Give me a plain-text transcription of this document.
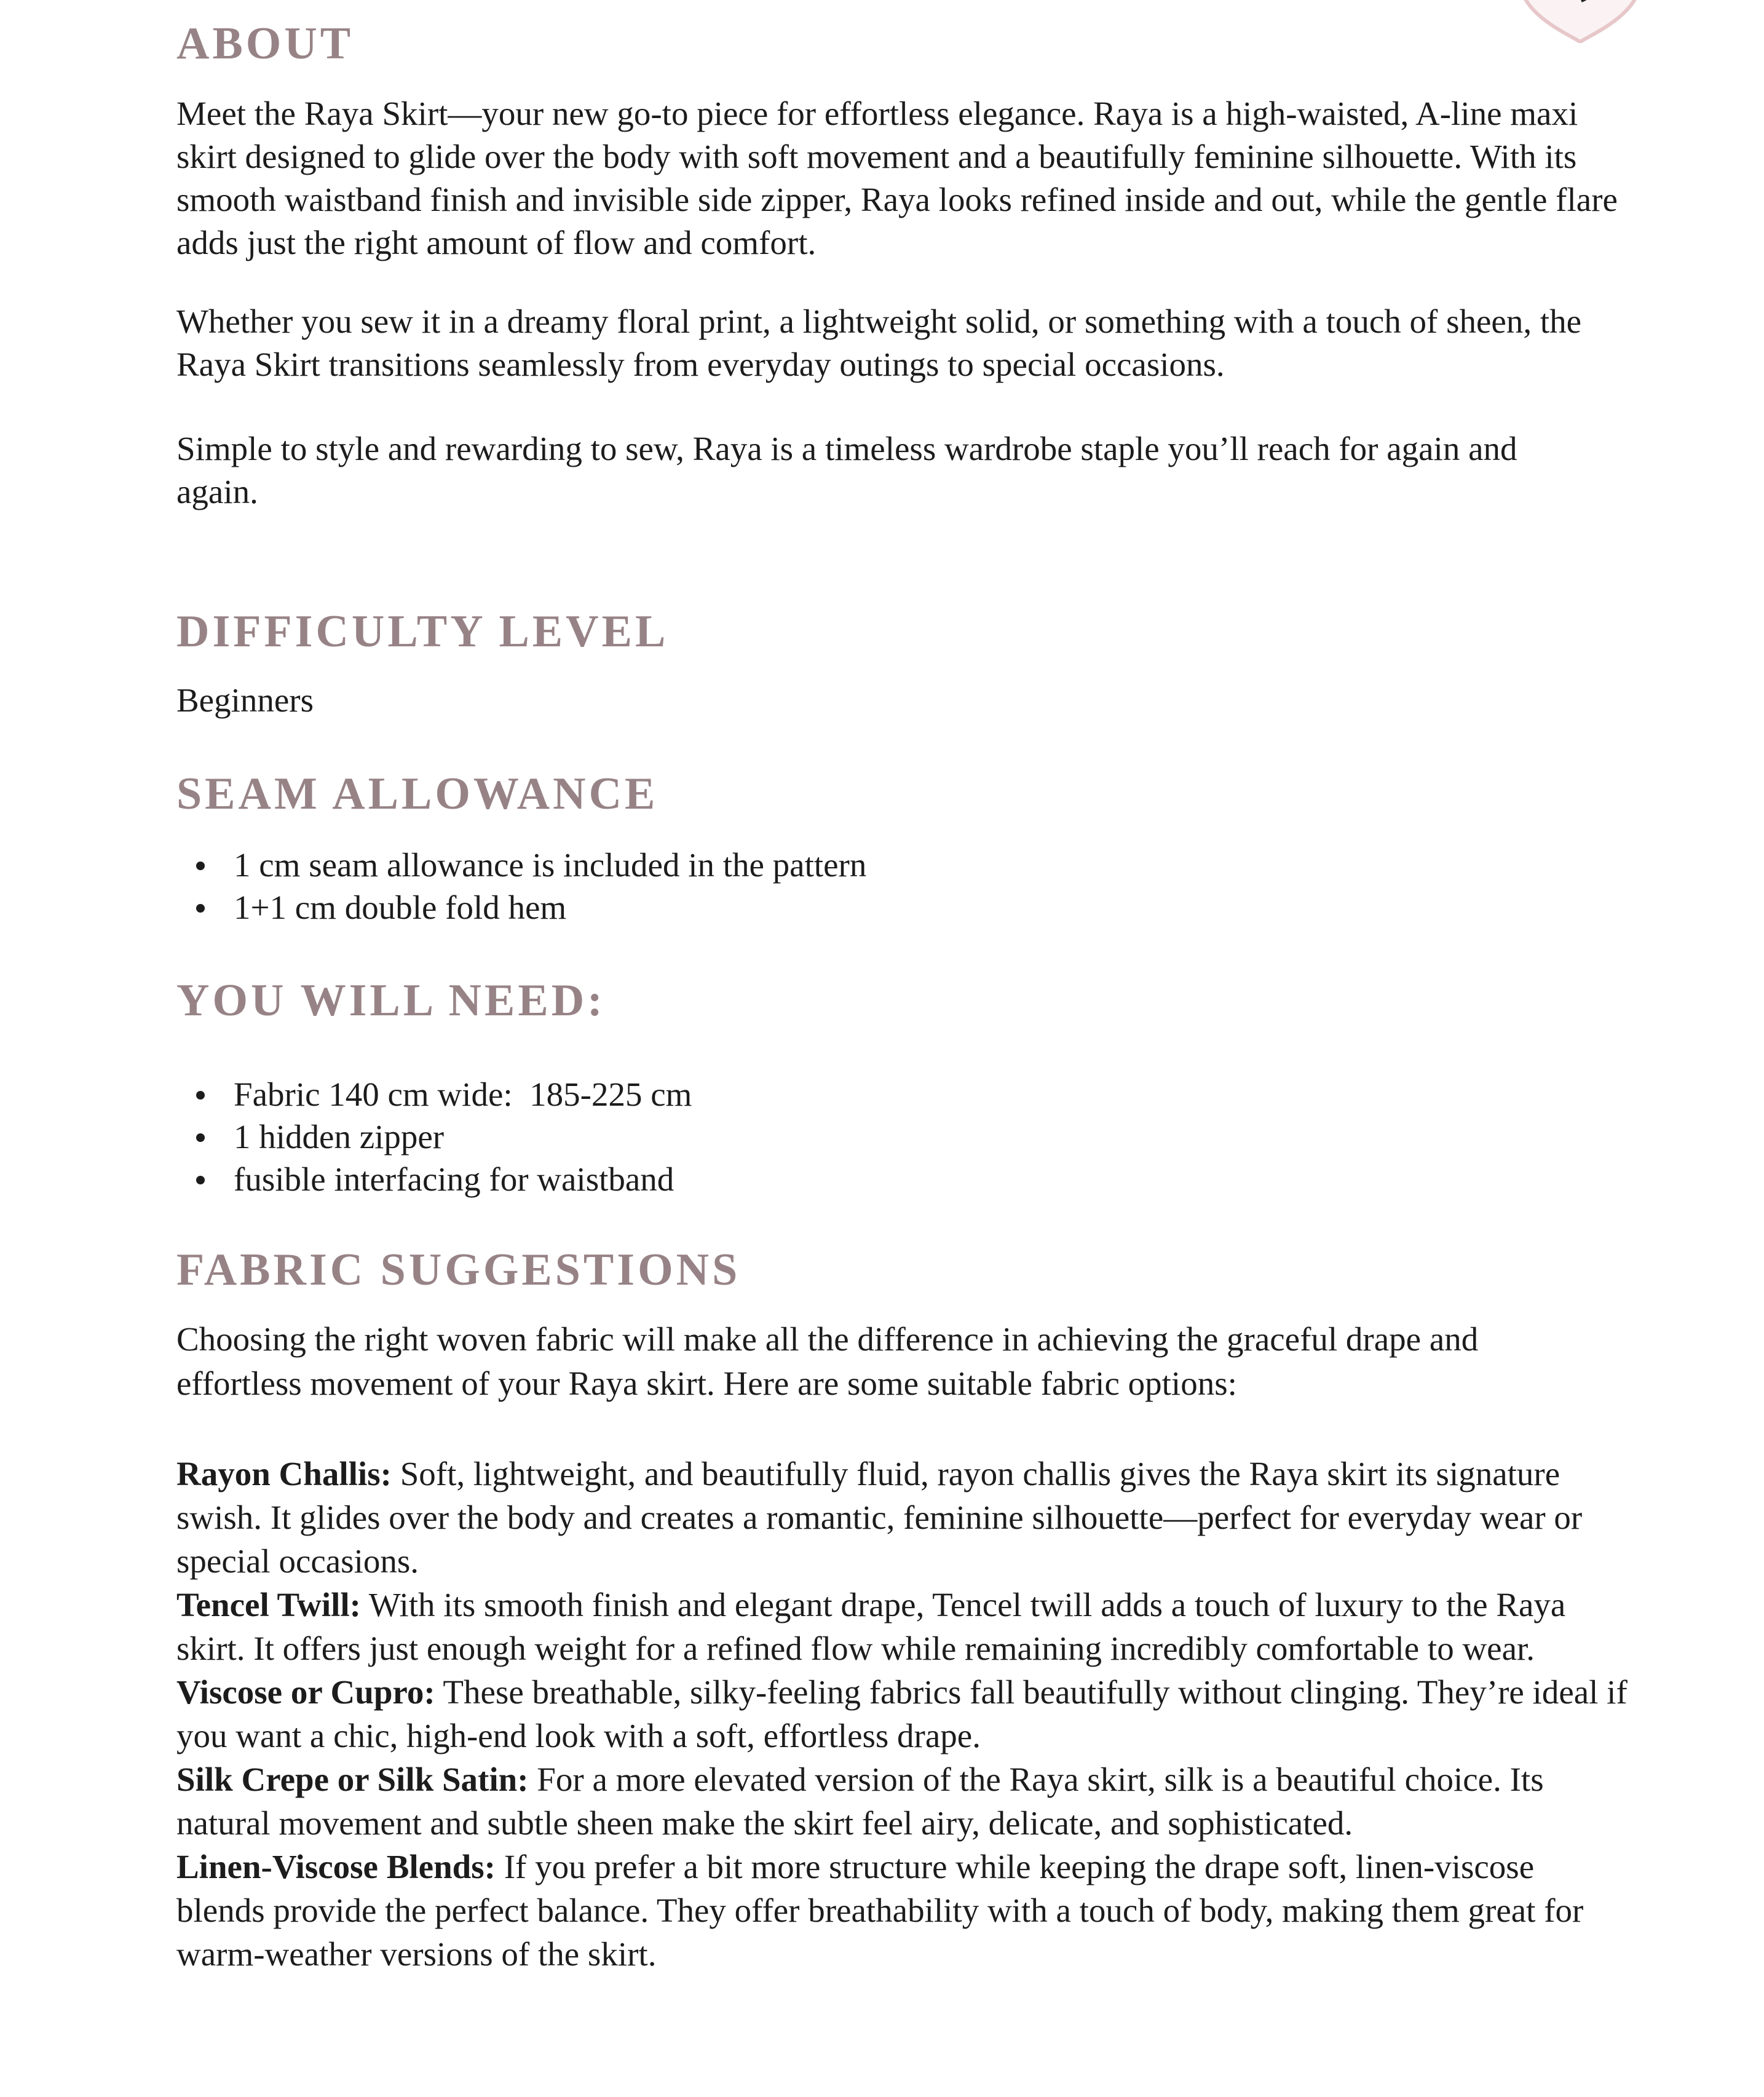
ABOUT

Meet the Raya Skirt—your new go-to piece for effortless elegance. Raya is a high-waisted, A-line maxi skirt designed to glide over the body with soft movement and a beautifully feminine silhouette. With its smooth waistband finish and invisible side zipper, Raya looks refined inside and out, while the gentle flare adds just the right amount of flow and comfort.

Whether you sew it in a dreamy floral print, a lightweight solid, or something with a touch of sheen, the Raya Skirt transitions seamlessly from everyday outings to special occasions.

Simple to style and rewarding to sew, Raya is a timeless wardrobe staple you’ll reach for again and again.

DIFFICULTY LEVEL

Beginners

SEAM ALLOWANCE
1 cm seam allowance is included in the pattern
1+1 cm double fold hem
YOU WILL NEED:
Fabric 140 cm wide:  185-225 cm
1 hidden zipper
fusible interfacing for waistband
FABRIC SUGGESTIONS

Choosing the right woven fabric will make all the difference in achieving the graceful drape and effortless movement of your Raya skirt. Here are some suitable fabric options:

Rayon Challis: Soft, lightweight, and beautifully fluid, rayon challis gives the Raya skirt its signature swish. It glides over the body and creates a romantic, feminine silhouette—perfect for everyday wear or special occasions.

Tencel Twill: With its smooth finish and elegant drape, Tencel twill adds a touch of luxury to the Raya skirt. It offers just enough weight for a refined flow while remaining incredibly comfortable to wear.

Viscose or Cupro: These breathable, silky-feeling fabrics fall beautifully without clinging. They’re ideal if you want a chic, high-end look with a soft, effortless drape.

Silk Crepe or Silk Satin: For a more elevated version of the Raya skirt, silk is a beautiful choice. Its natural movement and subtle sheen make the skirt feel airy, delicate, and sophisticated.

Linen-Viscose Blends: If you prefer a bit more structure while keeping the drape soft, linen-viscose blends provide the perfect balance. They offer breathability with a touch of body, making them great for warm-weather versions of the skirt.
